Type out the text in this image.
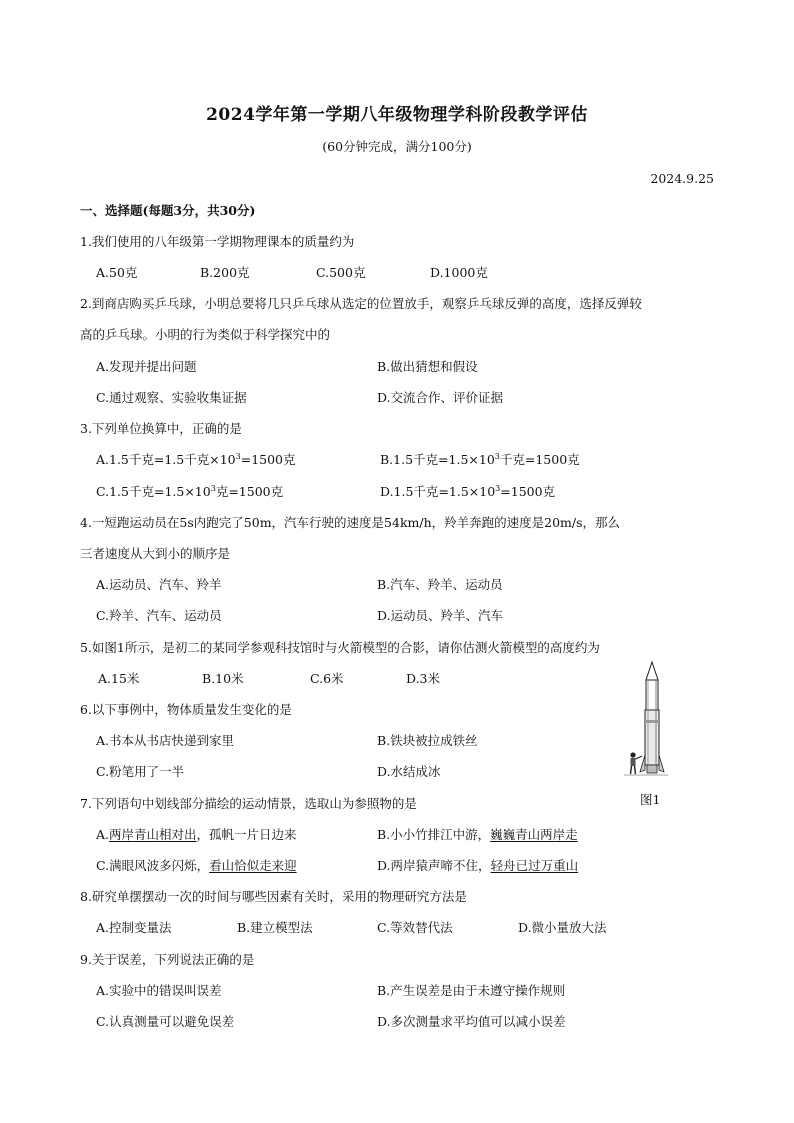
2024学年第一学期八年级物理学科阶段教学评估
(60分钟完成，满分100分)
2024.9.25
一、选择题(每题3分，共30分)
1.我们使用的八年级第一学期物理课本的质量约为
A.50克	B.200克	C.500克	D.1000克
2.到商店购买乒乓球，小明总要将几只乒乓球从选定的位置放手，观察乒乓球反弹的高度，选择反弹较
高的乒乓球。小明的行为类似于科学探究中的
A.发现并提出问题	B.做出猜想和假设
C.通过观察、实验收集证据	D.交流合作、评价证据
3.下列单位换算中，正确的是
A.1.5千克=1.5千克$\times 10^3=1500$克	B.1.5千克$=1.5\times 10^3$千克=1500克
C.1.5千克$=1.5\times 10^3$克=1500克	D.1.5千克$=1.5\times 10^3=1500$克
4.一短跑运动员在5s内跑完了50m，汽车行驶的速度是54km/h，羚羊奔跑的速度是20m/s，那么
三者速度从大到小的顺序是
A.运动员、汽车、羚羊	B.汽车、羚羊、运动员
C.羚羊、汽车、运动员	D.运动员、羚羊、汽车
5.如图1所示，是初二的某同学参观科技馆时与火箭模型的合影，请你估测火箭模型的高度约为
A.15米	B.10米	C.6米	D.3米
图1
6.以下事例中，物体质量发生变化的是
A.书本从书店快递到家里	B.铁块被拉成铁丝
C.粉笔用了一半	D.水结成冰
7.下列语句中划线部分描绘的运动情景，选取山为参照物的是
A.两岸青山相对出，孤帆一片日边来	B.小小竹排江中游，巍巍青山两岸走
C.满眼风波多闪烁，看山恰似走来迎	D.两岸猿声啼不住，轻舟已过万重山
8.研究单摆摆动一次的时间与哪些因素有关时，采用的物理研究方法是
A.控制变量法	B.建立模型法	C.等效替代法	D.微小量放大法
9.关于误差，下列说法正确的是
A.实验中的错误叫误差	B.产生误差是由于未遵守操作规则
C.认真测量可以避免误差	D.多次测量求平均值可以减小误差
